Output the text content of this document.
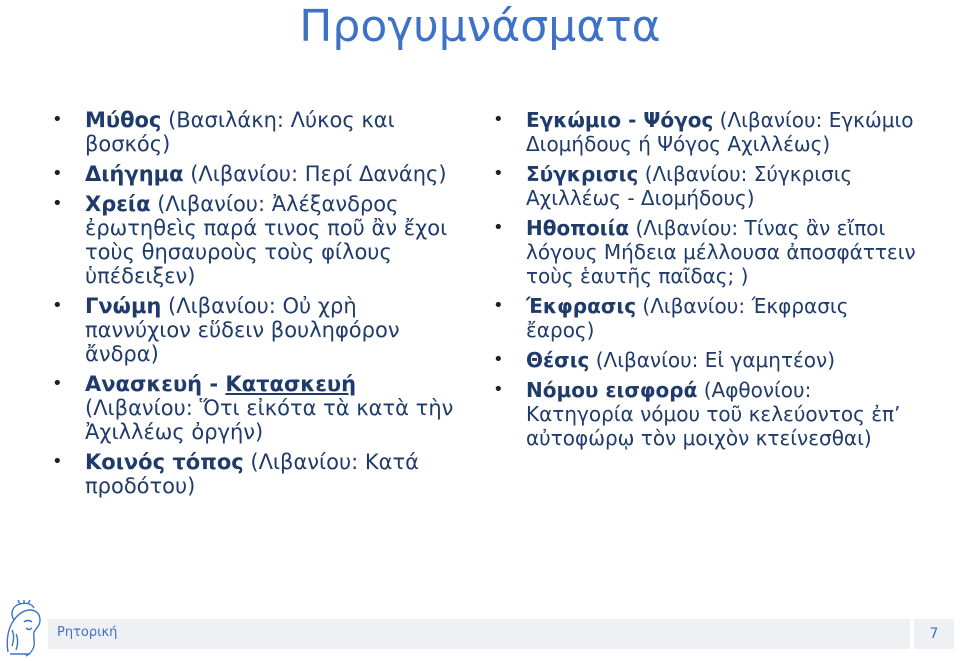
Προγυμνάσματα
• Μύθος (Βασιλάκη: Λύκος και βοσκός)
• Διήγημα (Λιβανίου: Περί Δανάης)
• Χρεία (Λιβανίου: Ἀλέξανδρος ἐρωτηθεὶς παρά τινος ποῦ ἂν ἔχοι τοὺς θησαυροὺς τοὺς φίλους ὑπέδειξεν)
• Γνώμη (Λιβανίου: Οὐ χρὴ παννύχιον εὕδειν βουληφόρον ἄνδρα)
• Ανασκευή - Κατασκευή (Λιβανίου: Ὅτι εἰκότα τὰ κατὰ τὴν Ἀχιλλέως ὀργήν)
• Κοινός τόπος (Λιβανίου: Κατά προδότου)
• Εγκώμιο - Ψόγος (Λιβανίου: Εγκώμιο Διομήδους ή Ψόγος Αχιλλέως)
• Σύγκρισις (Λιβανίου: Σύγκρισις Αχιλλέως - Διομήδους)
• Ηθοποιία (Λιβανίου: Τίνας ἂν εἴποι λόγους Μήδεια μέλλουσα ἀποσφάττειν τοὺς ἑαυτῆς παῖδας; )
• Έκφρασις (Λιβανίου: Έκφρασις ἔαρος)
• Θέσις (Λιβανίου: Εἰ γαμητέον)
• Νόμου εισφορά (Αφθονίου: Κατηγορία νόμου τοῦ κελεύοντος ἐπ’ αὐτοφώρῳ τὸν μοιχὸν κτείνεσθαι)
Ρητορική	7
